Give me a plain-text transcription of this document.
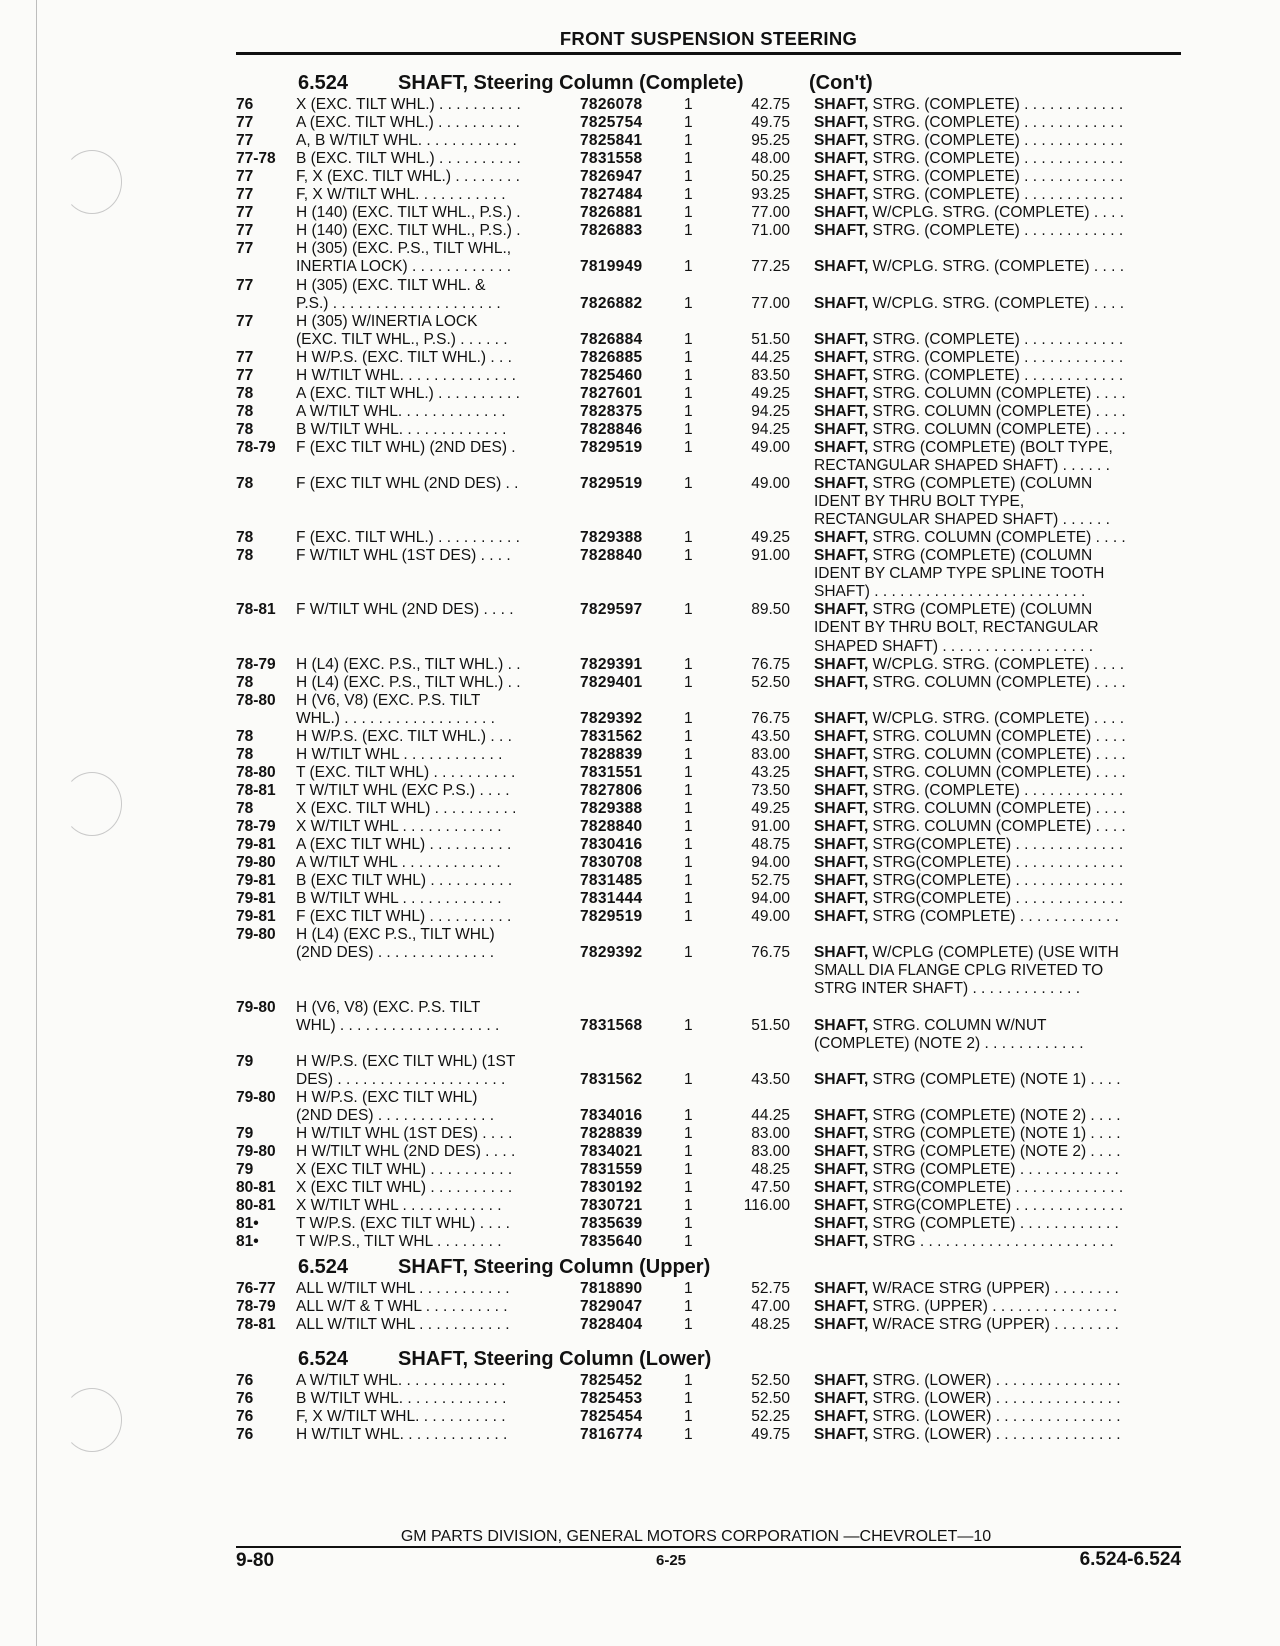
FRONT SUSPENSION STEERING
6.524 SHAFT, Steering Column (Complete)	(Con't)
76	X (EXC. TILT WHL.) . . . . . . . . . .	7826078	1	42.75 SHAFT, STRG. (COMPLETE) . . . . . . . . . . . .
77	A (EXC. TILT WHL.) . . . . . . . . . .	7825754	1	49.75 SHAFT, STRG. (COMPLETE) . . . . . . . . . . . .
77	A, B W/TILT WHL. . . . . . . . . . . .	7825841	1	95.25 SHAFT, STRG. (COMPLETE) . . . . . . . . . . . .
77-78 B (EXC. TILT WHL.) . . . . . . . . . .	7831558	1	48.00 SHAFT, STRG. (COMPLETE) . . . . . . . . . . . .
77	F, X (EXC. TILT WHL.) . . . . . . . .	7826947	1	50.25 SHAFT, STRG. (COMPLETE) . . . . . . . . . . . .
77	F, X W/TILT WHL. . . . . . . . . . .	7827484	1	93.25 SHAFT, STRG. (COMPLETE) . . . . . . . . . . . .
77	H (140) (EXC. TILT WHL., P.S.) .	7826881	1	77.00 SHAFT, W/CPLG. STRG. (COMPLETE) . . . .
77	H (140) (EXC. TILT WHL., P.S.) .	7826883	1	71.00 SHAFT, STRG. (COMPLETE) . . . . . . . . . . . .
77	H (305) (EXC. P.S., TILT WHL.,
INERTIA LOCK) . . . . . . . . . . . .	7819949	1	77.25 SHAFT, W/CPLG. STRG. (COMPLETE) . . . .
77	H (305) (EXC. TILT WHL. &
P.S.) . . . . . . . . . . . . . . . . . . . .	7826882	1	77.00 SHAFT, W/CPLG. STRG. (COMPLETE) . . . .
77	H (305) W/INERTIA LOCK
(EXC. TILT WHL., P.S.) . . . . . .	7826884	1	51.50 SHAFT, STRG. (COMPLETE) . . . . . . . . . . . .
77	H W/P.S. (EXC. TILT WHL.) . . .	7826885	1	44.25 SHAFT, STRG. (COMPLETE) . . . . . . . . . . . .
77	H W/TILT WHL. . . . . . . . . . . . . .	7825460	1	83.50 SHAFT, STRG. (COMPLETE) . . . . . . . . . . . .
78	A (EXC. TILT WHL.) . . . . . . . . . .	7827601	1	49.25 SHAFT, STRG. COLUMN (COMPLETE) . . . .
78	A W/TILT WHL. . . . . . . . . . . . .	7828375	1	94.25 SHAFT, STRG. COLUMN (COMPLETE) . . . .
78	B W/TILT WHL. . . . . . . . . . . . .	7828846	1	94.25 SHAFT, STRG. COLUMN (COMPLETE) . . . .
78-79 F (EXC TILT WHL) (2ND DES) .	7829519	1	49.00 SHAFT, STRG (COMPLETE) (BOLT TYPE,
RECTANGULAR SHAPED SHAFT) . . . . . .
78	F (EXC TILT WHL (2ND DES) . .	7829519	1	49.00 SHAFT, STRG (COMPLETE) (COLUMN
IDENT BY THRU BOLT TYPE,
RECTANGULAR SHAPED SHAFT) . . . . . .
78	F (EXC. TILT WHL.) . . . . . . . . . .	7829388	1	49.25 SHAFT, STRG. COLUMN (COMPLETE) . . . .
78	F W/TILT WHL (1ST DES) . . . .	7828840	1	91.00 SHAFT, STRG (COMPLETE) (COLUMN
IDENT BY CLAMP TYPE SPLINE TOOTH
SHAFT) . . . . . . . . . . . . . . . . . . . . . . . . .
78-81 F W/TILT WHL (2ND DES) . . . .	7829597	1	89.50 SHAFT, STRG (COMPLETE) (COLUMN
IDENT BY THRU BOLT, RECTANGULAR
SHAPED SHAFT) . . . . . . . . . . . . . . . . . .
78-79 H (L4) (EXC. P.S., TILT WHL.) . .	7829391	1	76.75 SHAFT, W/CPLG. STRG. (COMPLETE) . . . .
78	H (L4) (EXC. P.S., TILT WHL.) . .	7829401	1	52.50 SHAFT, STRG. COLUMN (COMPLETE) . . . .
78-80 H (V6, V8) (EXC. P.S. TILT
WHL.) . . . . . . . . . . . . . . . . . .	7829392	1	76.75 SHAFT, W/CPLG. STRG. (COMPLETE) . . . .
78	H W/P.S. (EXC. TILT WHL.) . . .	7831562	1	43.50 SHAFT, STRG. COLUMN (COMPLETE) . . . .
78	H W/TILT WHL . . . . . . . . . . . .	7828839	1	83.00 SHAFT, STRG. COLUMN (COMPLETE) . . . .
78-80 T (EXC. TILT WHL) . . . . . . . . . .	7831551	1	43.25 SHAFT, STRG. COLUMN (COMPLETE) . . . .
78-81 T W/TILT WHL (EXC P.S.) . . . .	7827806	1	73.50 SHAFT, STRG. (COMPLETE) . . . . . . . . . . . .
78	X (EXC. TILT WHL) . . . . . . . . . .	7829388	1	49.25 SHAFT, STRG. COLUMN (COMPLETE) . . . .
78-79 X W/TILT WHL . . . . . . . . . . . .	7828840	1	91.00 SHAFT, STRG. COLUMN (COMPLETE) . . . .
79-81 A (EXC TILT WHL) . . . . . . . . . .	7830416	1	48.75 SHAFT, STRG(COMPLETE) . . . . . . . . . . . . .
79-80 A W/TILT WHL . . . . . . . . . . . .	7830708	1	94.00 SHAFT, STRG(COMPLETE) . . . . . . . . . . . . .
79-81 B (EXC TILT WHL) . . . . . . . . . .	7831485	1	52.75 SHAFT, STRG(COMPLETE) . . . . . . . . . . . . .
79-81 B W/TILT WHL . . . . . . . . . . . .	7831444	1	94.00 SHAFT, STRG(COMPLETE) . . . . . . . . . . . . .
79-81 F (EXC TILT WHL) . . . . . . . . . .	7829519	1	49.00 SHAFT, STRG (COMPLETE) . . . . . . . . . . . .
79-80 H (L4) (EXC P.S., TILT WHL)
(2ND DES) . . . . . . . . . . . . . .	7829392	1	76.75 SHAFT, W/CPLG (COMPLETE) (USE WITH
SMALL DIA FLANGE CPLG RIVETED TO
STRG INTER SHAFT) . . . . . . . . . . . . .
79-80 H (V6, V8) (EXC. P.S. TILT
WHL) . . . . . . . . . . . . . . . . . . .	7831568	1	51.50 SHAFT, STRG. COLUMN W/NUT
(COMPLETE) (NOTE 2) . . . . . . . . . . . .
79	H W/P.S. (EXC TILT WHL) (1ST
DES) . . . . . . . . . . . . . . . . . . . .	7831562	1	43.50 SHAFT, STRG (COMPLETE) (NOTE 1) . . . .
79-80 H W/P.S. (EXC TILT WHL)
(2ND DES) . . . . . . . . . . . . . .	7834016	1	44.25 SHAFT, STRG (COMPLETE) (NOTE 2) . . . .
79	H W/TILT WHL (1ST DES) . . . .	7828839	1	83.00 SHAFT, STRG (COMPLETE) (NOTE 1) . . . .
79-80 H W/TILT WHL (2ND DES) . . . .	7834021	1	83.00 SHAFT, STRG (COMPLETE) (NOTE 2) . . . .
79	X (EXC TILT WHL) . . . . . . . . . .	7831559	1	48.25 SHAFT, STRG (COMPLETE) . . . . . . . . . . . .
80-81 X (EXC TILT WHL) . . . . . . . . . .	7830192	1	47.50 SHAFT, STRG(COMPLETE) . . . . . . . . . . . . .
80-81 X W/TILT WHL . . . . . . . . . . . .	7830721	1	116.00 SHAFT, STRG(COMPLETE) . . . . . . . . . . . . .
81• T W/P.S. (EXC TILT WHL) . . . .	7835639	1	SHAFT, STRG (COMPLETE) . . . . . . . . . . . .
81• T W/P.S., TILT WHL . . . . . . . .	7835640	1	SHAFT, STRG . . . . . . . . . . . . . . . . . . . . . . .
6.524 SHAFT, Steering Column (Upper)
76-77 ALL W/TILT WHL . . . . . . . . . . .	7818890	1	52.75 SHAFT, W/RACE STRG (UPPER) . . . . . . . .
78-79 ALL W/T & T WHL . . . . . . . . . .	7829047	1	47.00 SHAFT, STRG. (UPPER) . . . . . . . . . . . . . . .
78-81 ALL W/TILT WHL . . . . . . . . . . .	7828404	1	48.25 SHAFT, W/RACE STRG (UPPER) . . . . . . . .
6.524 SHAFT, Steering Column (Lower)
76	A W/TILT WHL. . . . . . . . . . . . .	7825452	1	52.50 SHAFT, STRG. (LOWER) . . . . . . . . . . . . . . .
76	B W/TILT WHL. . . . . . . . . . . . .	7825453	1	52.50 SHAFT, STRG. (LOWER) . . . . . . . . . . . . . . .
76	F, X W/TILT WHL. . . . . . . . . . .	7825454	1	52.25 SHAFT, STRG. (LOWER) . . . . . . . . . . . . . . .
76	H W/TILT WHL. . . . . . . . . . . . .	7816774	1	49.75 SHAFT, STRG. (LOWER) . . . . . . . . . . . . . . .
GM PARTS DIVISION, GENERAL MOTORS CORPORATION —CHEVROLET—10
9-80	6-25	6.524-6.524
